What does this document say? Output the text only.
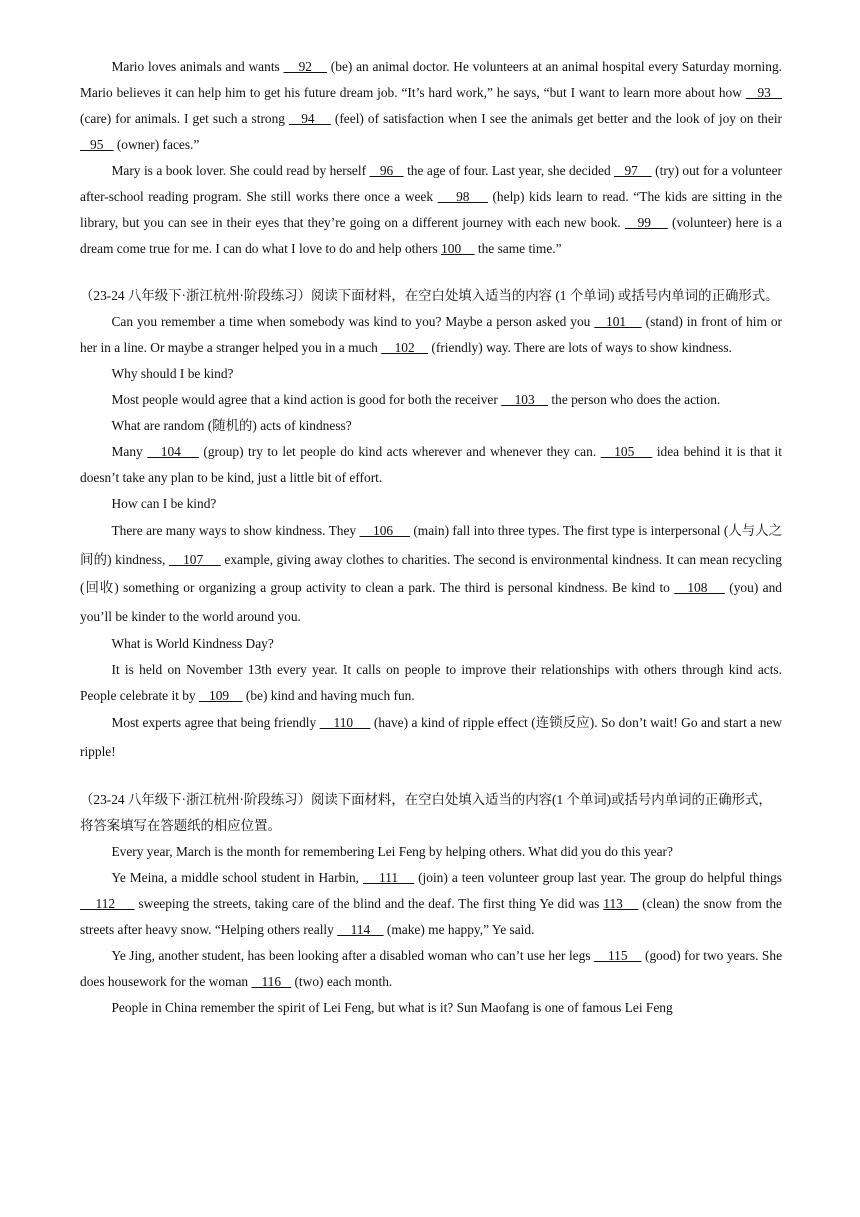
Mario loves animals and wants     92     (be) an animal doctor. He volunteers at an animal hospital every Saturday morning. Mario believes it can help him to get his future dream job. “It’s hard work,” he says, “but I want to learn more about how    93    (care) for animals. I get such a strong    94     (feel) of satisfaction when I see the animals get better and the look of joy on their    95    (owner) faces.”

Mary is a book lover. She could read by herself    96    the age of four. Last year, she decided    97     (try) out for a volunteer after-school reading program. She still works there once a week     98     (help) kids learn to read. “The kids are sitting in the library, but you can see in their eyes that they’re going on a different journey with each new book.    99     (volunteer) here is a dream come true for me. I can do what I love to do and help others 100     the same time.”

（23-24 八年级下·浙江杭州·阶段练习）阅读下面材料，在空白处填入适当的内容 (1 个单词) 或括号内单词的正确形式。

Can you remember a time when somebody was kind to you? Maybe a person asked you    101     (stand) in front of him or her in a line. Or maybe a stranger helped you in a much     102     (friendly) way. There are lots of ways to show kindness.

Why should I be kind?

Most people would agree that a kind action is good for both the receiver     103     the person who does the action.

What are random (随机的) acts of kindness?

Many    104     (group) try to let people do kind acts wherever and whenever they can.    105     idea behind it is that it doesn’t take any plan to be kind, just a little bit of effort.

How can I be kind?

There are many ways to show kindness. They     106      (main) fall into three types. The first type is interpersonal (人与人之间的) kindness,     107      example, giving away clothes to charities. The second is environmental kindness. It can mean recycling (回收) something or organizing a group activity to clean a park. The third is personal kindness. Be kind to    108     (you) and you’ll be kinder to the world around you.

What is World Kindness Day?

It is held on November 13th every year. It calls on people to improve their relationships with others through kind acts. People celebrate it by    109     (be) kind and having much fun.

Most experts agree that being friendly     110      (have) a kind of ripple effect (连锁反应). So don’t wait! Go and start a new ripple!

（23-24 八年级下·浙江杭州·阶段练习）阅读下面材料，在空白处填入适当的内容(1 个单词)或括号内单词的正确形式，将答案填写在答题纸的相应位置。

Every year, March is the month for remembering Lei Feng by helping others. What did you do this year?

Ye Meina, a middle school student in Harbin,     111     (join) a teen volunteer group last year. The group do helpful things     112      sweeping the streets, taking care of the blind and the deaf. The first thing Ye did was 113     (clean) the snow from the streets after heavy snow. “Helping others really     114     (make) me happy,” Ye said.

Ye Jing, another student, has been looking after a disabled woman who can’t use her legs     115     (good) for two years. She does housework for the woman    116    (two) each month.

People in China remember the spirit of Lei Feng, but what is it? Sun Maofang is one of famous Lei Feng
